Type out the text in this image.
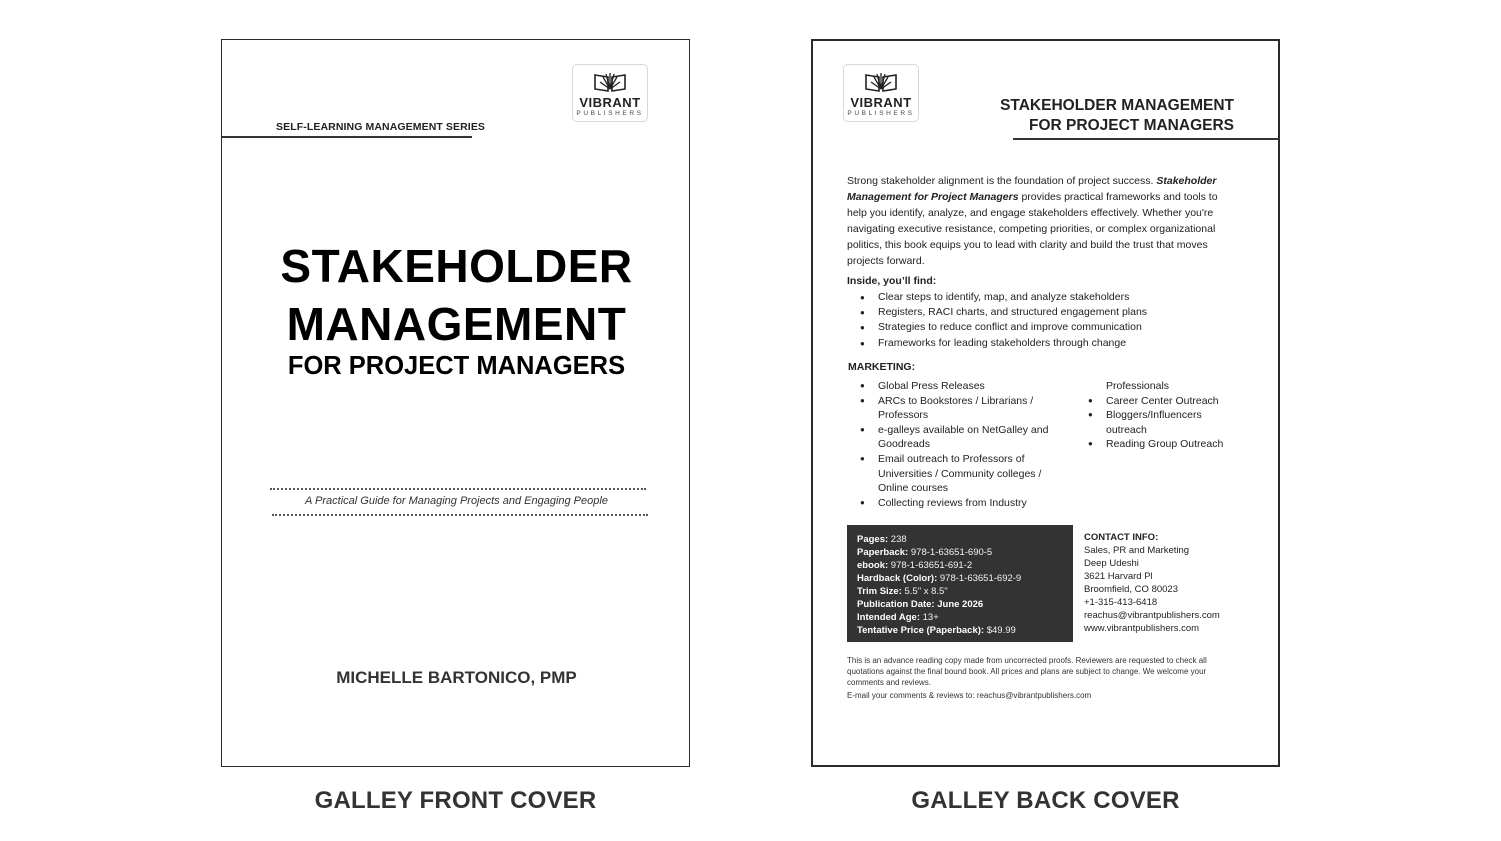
VIBRANT
PUBLISHERS
SELF-LEARNING MANAGEMENT SERIES
STAKEHOLDER
MANAGEMENT
FOR PROJECT MANAGERS
A Practical Guide for Managing Projects and Engaging People
MICHELLE BARTONICO, PMP
GALLEY FRONT COVER
VIBRANT
PUBLISHERS	STAKEHOLDER MANAGEMENT
FOR PROJECT MANAGERS
Strong stakeholder alignment is the foundation of project success. Stakeholder Management for Project Managers provides practical frameworks and tools to help you identify, analyze, and engage stakeholders effectively. Whether you're navigating executive resistance, competing priorities, or complex organizational politics, this book equips you to lead with clarity and build the trust that moves projects forward.
Inside, you’ll find:
● Clear steps to identify, map, and analyze stakeholders
● Registers, RACI charts, and structured engagement plans
● Strategies to reduce conflict and improve communication
● Frameworks for leading stakeholders through change
MARKETING:
● Global Press Releases
● ARCs to Bookstores / Librarians / Professors
● e-galleys available on NetGalley and Goodreads
● Email outreach to Professors of Universities / Community colleges / Online courses
● Collecting reviews from Industry
Professionals
● Career Center Outreach
● Bloggers/Influencers outreach
● Reading Group Outreach
Pages: 238
Paperback: 978-1-63651-690-5
ebook: 978-1-63651-691-2
Hardback (Color): 978-1-63651-692-9
Trim Size: 5.5" x 8.5"
Publication Date: June 2026
Intended Age: 13+
Tentative Price (Paperback): $49.99
CONTACT INFO:
Sales, PR and Marketing
Deep Udeshi
3621 Harvard Pl
Broomfield, CO 80023
+1-315-413-6418
reachus@vibrantpublishers.com
www.vibrantpublishers.com
This is an advance reading copy made from uncorrected proofs. Reviewers are requested to check all quotations against the final bound book. All prices and plans are subject to change. We welcome your comments and reviews.
E-mail your comments & reviews to: reachus@vibrantpublishers.com
GALLEY BACK COVER
